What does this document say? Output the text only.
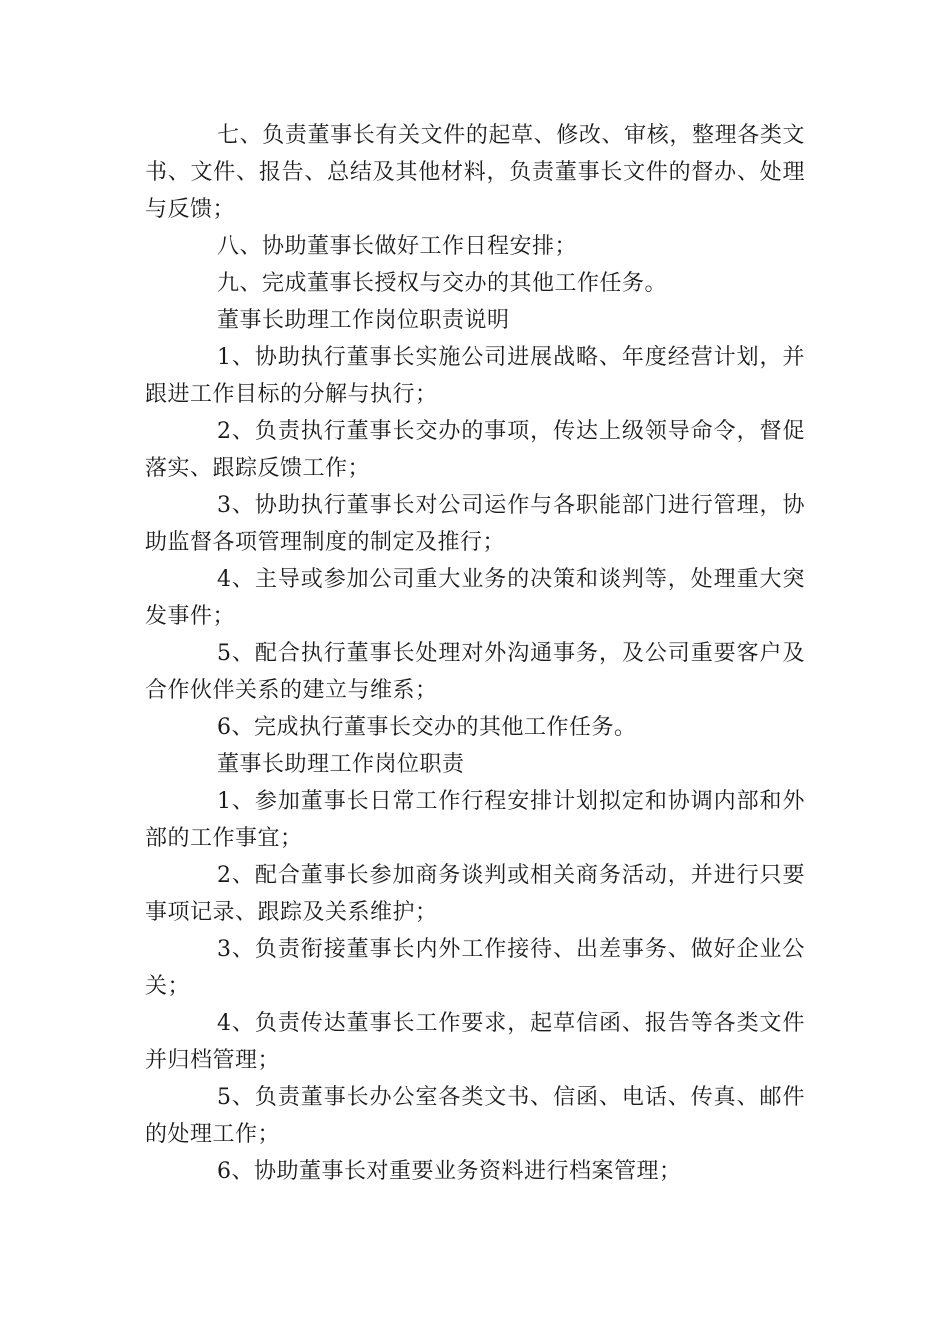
七、负责董事长有关文件的起草、修改、审核，整理各类文书、文件、报告、总结及其他材料，负责董事长文件的督办、处理与反馈；

八、协助董事长做好工作日程安排；

九、完成董事长授权与交办的其他工作任务。

董事长助理工作岗位职责说明

1、协助执行董事长实施公司进展战略、年度经营计划，并跟进工作目标的分解与执行；

2、负责执行董事长交办的事项，传达上级领导命令，督促落实、跟踪反馈工作；

3、协助执行董事长对公司运作与各职能部门进行管理，协助监督各项管理制度的制定及推行；

4、主导或参加公司重大业务的决策和谈判等，处理重大突发事件；

5、配合执行董事长处理对外沟通事务，及公司重要客户及合作伙伴关系的建立与维系；

6、完成执行董事长交办的其他工作任务。

董事长助理工作岗位职责

1、参加董事长日常工作行程安排计划拟定和协调内部和外部的工作事宜；

2、配合董事长参加商务谈判或相关商务活动，并进行只要事项记录、跟踪及关系维护；

3、负责衔接董事长内外工作接待、出差事务、做好企业公关；

4、负责传达董事长工作要求，起草信函、报告等各类文件并归档管理；

5、负责董事长办公室各类文书、信函、电话、传真、邮件的处理工作；

6、协助董事长对重要业务资料进行档案管理；
